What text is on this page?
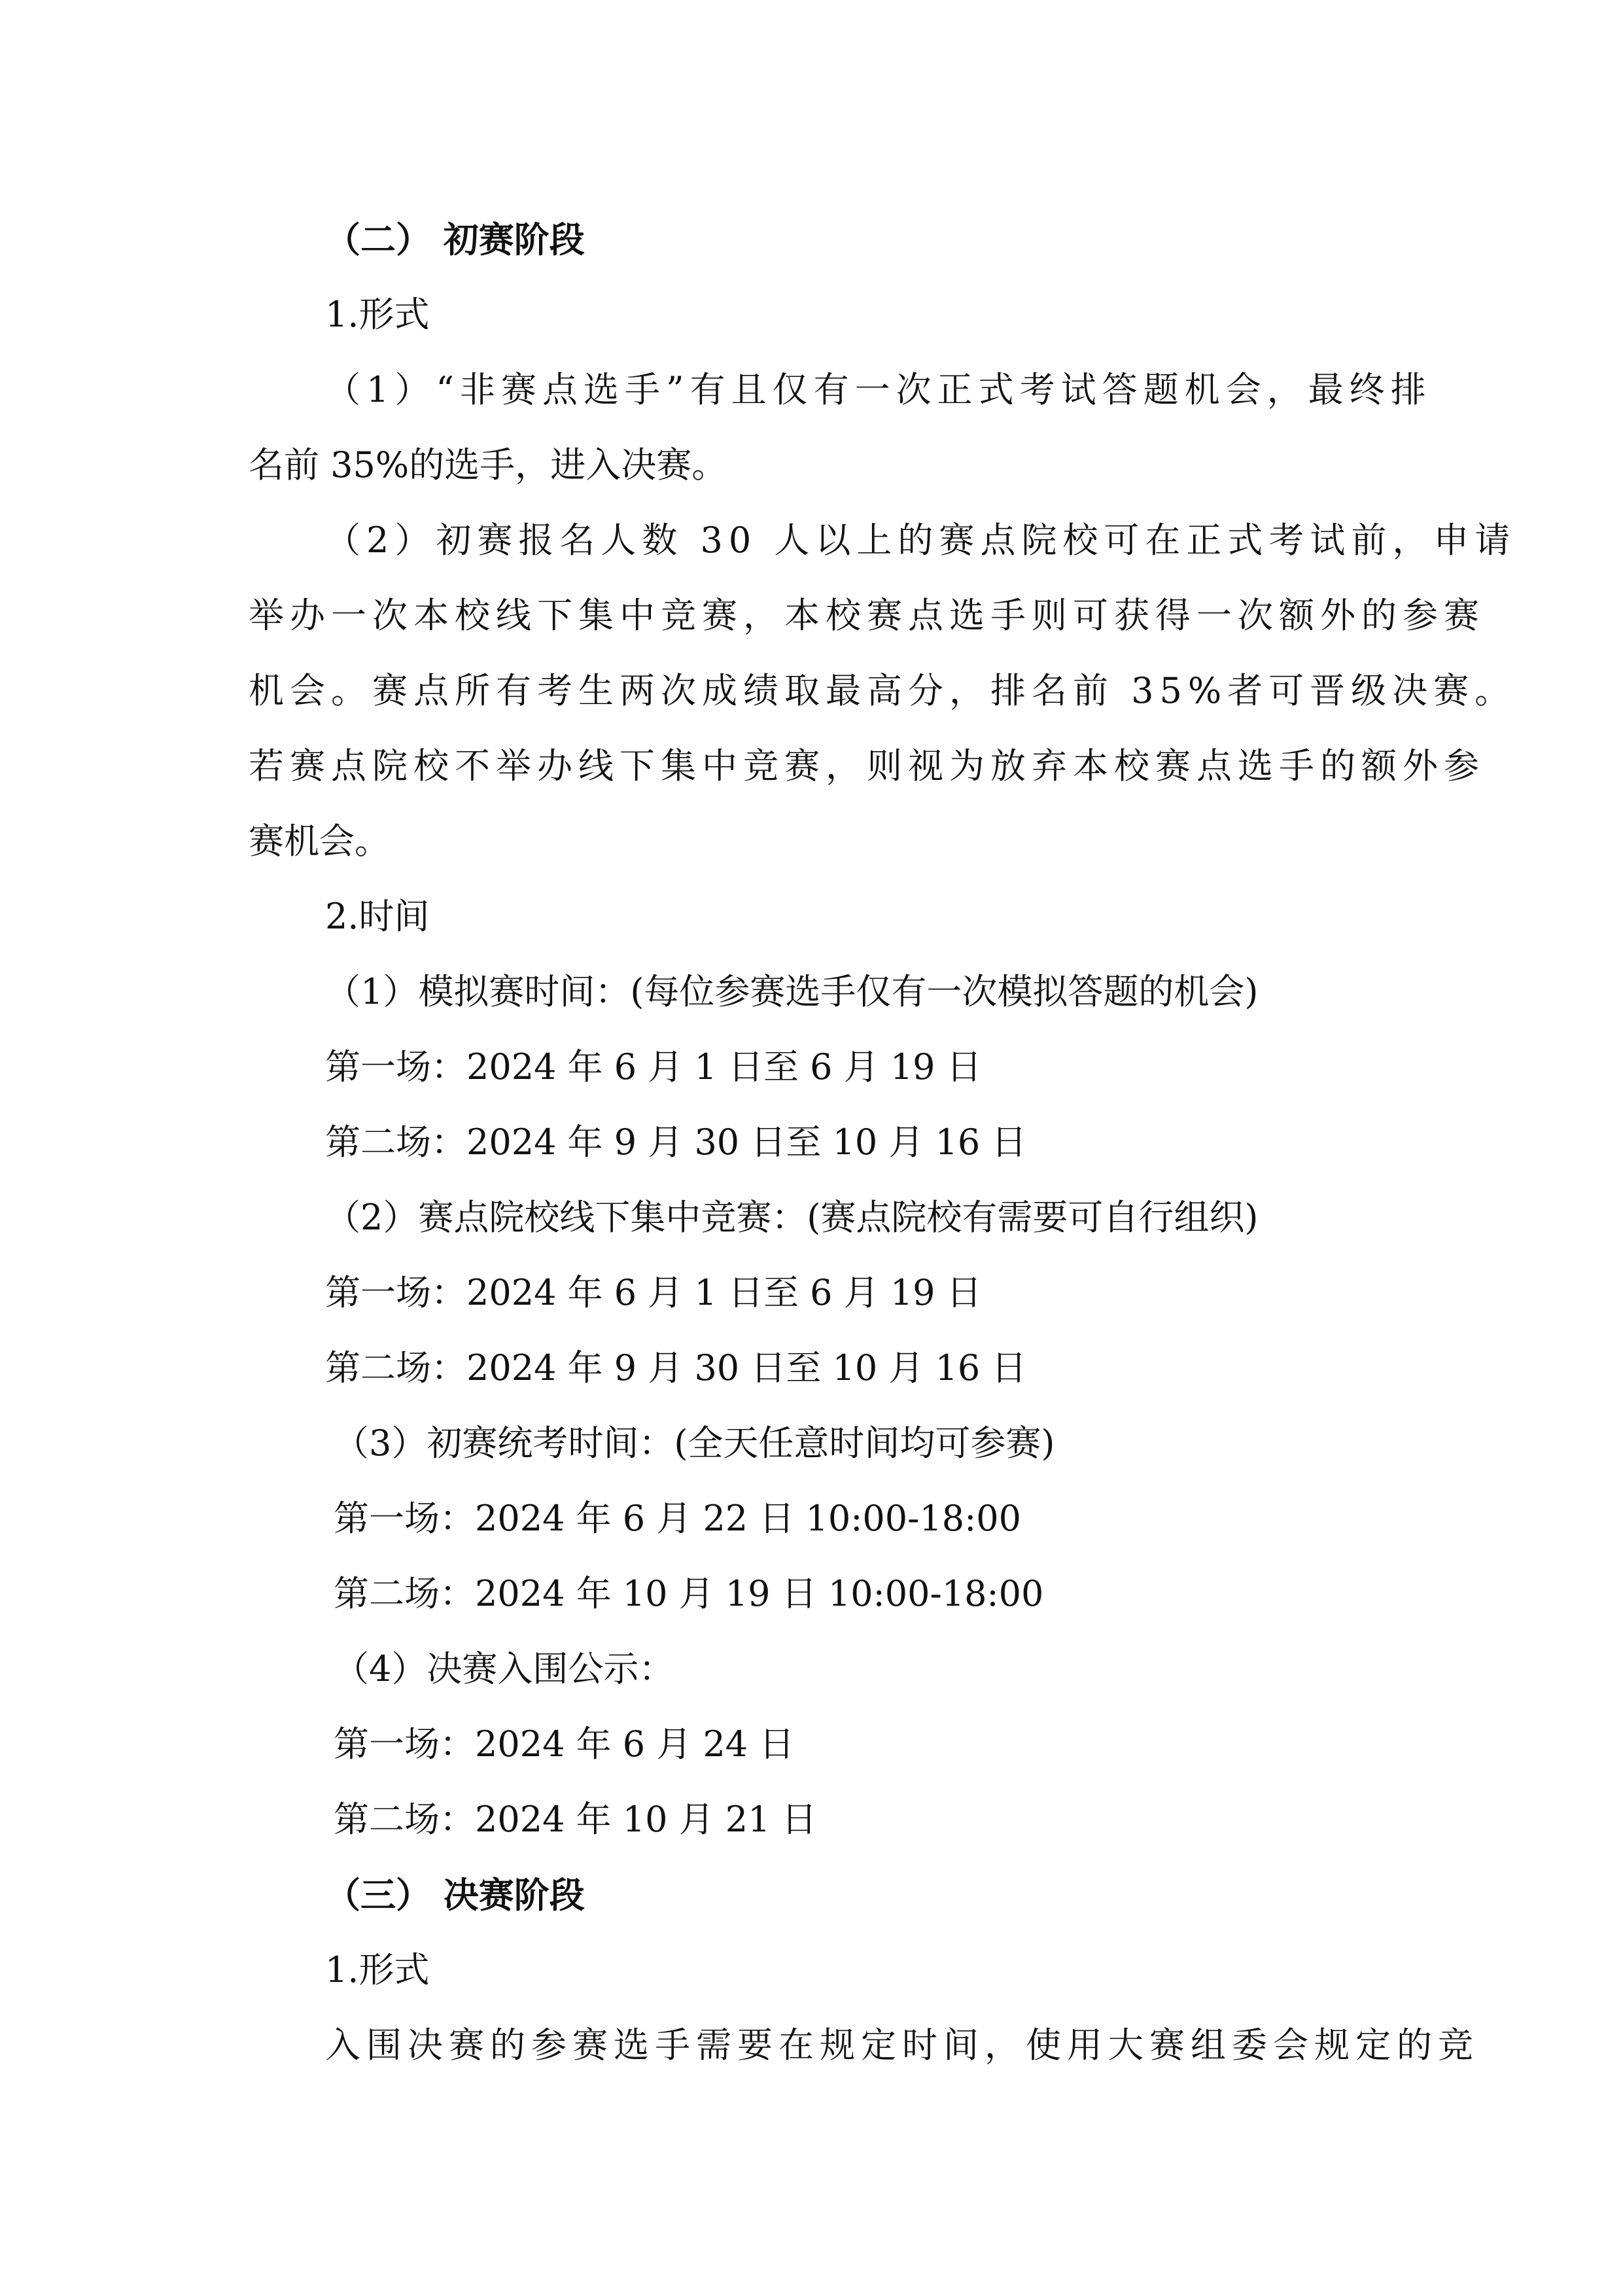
（二） 初赛阶段
1.形式
（1）“非赛点选手”有且仅有一次正式考试答题机会，最终排
名前 35%的选手，进入决赛。
（2）初赛报名人数 30 人以上的赛点院校可在正式考试前，申请
举办一次本校线下集中竞赛，本校赛点选手则可获得一次额外的参赛
机会。赛点所有考生两次成绩取最高分，排名前 35%者可晋级决赛。
若赛点院校不举办线下集中竞赛，则视为放弃本校赛点选手的额外参
赛机会。
2.时间
（1）模拟赛时间：(每位参赛选手仅有一次模拟答题的机会)
第一场：2024 年 6 月 1 日至 6 月 19 日
第二场：2024 年 9 月 30 日至 10 月 16 日
（2）赛点院校线下集中竞赛：(赛点院校有需要可自行组织)
第一场：2024 年 6 月 1 日至 6 月 19 日
第二场：2024 年 9 月 30 日至 10 月 16 日
（3）初赛统考时间：(全天任意时间均可参赛)
第一场：2024 年 6 月 22 日 10:00-18:00
第二场：2024 年 10 月 19 日 10:00-18:00
（4）决赛入围公示：
第一场：2024 年 6 月 24 日
第二场：2024 年 10 月 21 日
（三） 决赛阶段
1.形式
入围决赛的参赛选手需要在规定时间，使用大赛组委会规定的竞
